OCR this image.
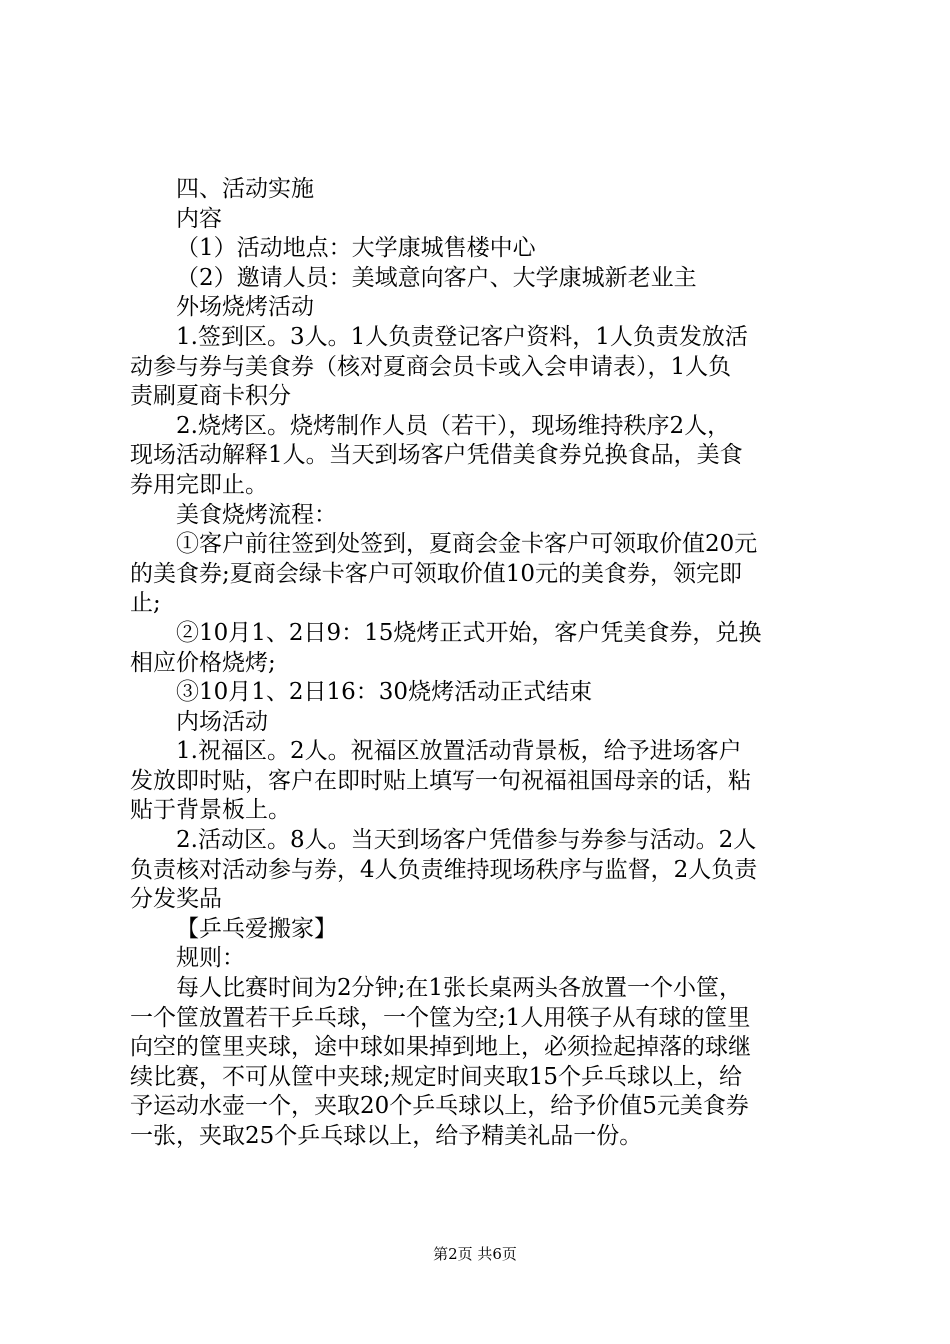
四、活动实施
内容
（1）活动地点：大学康城售楼中心
（2）邀请人员：美域意向客户、大学康城新老业主
外场烧烤活动
1.签到区。3人。1人负责登记客户资料，1人负责发放活
动参与券与美食券（核对夏商会员卡或入会申请表），1人负
责刷夏商卡积分
2.烧烤区。烧烤制作人员（若干），现场维持秩序2人，
现场活动解释1人。当天到场客户凭借美食券兑换食品，美食
券用完即止。
美食烧烤流程：
①客户前往签到处签到，夏商会金卡客户可领取价值20元
的美食券;夏商会绿卡客户可领取价值10元的美食券，领完即
止;
②10月1、2日9：15烧烤正式开始，客户凭美食券，兑换
相应价格烧烤;
③10月1、2日16：30烧烤活动正式结束
内场活动
1.祝福区。2人。祝福区放置活动背景板，给予进场客户
发放即时贴，客户在即时贴上填写一句祝福祖国母亲的话，粘
贴于背景板上。
2.活动区。8人。当天到场客户凭借参与券参与活动。2人
负责核对活动参与券，4人负责维持现场秩序与监督，2人负责
分发奖品
【乒乓爱搬家】
规则：
每人比赛时间为2分钟;在1张长桌两头各放置一个小筐，
一个筐放置若干乒乓球，一个筐为空;1人用筷子从有球的筐里
向空的筐里夹球，途中球如果掉到地上，必须捡起掉落的球继
续比赛，不可从筐中夹球;规定时间夹取15个乒乓球以上，给
予运动水壶一个，夹取20个乒乓球以上，给予价值5元美食券
一张，夹取25个乒乓球以上，给予精美礼品一份。
第2页 共6页
